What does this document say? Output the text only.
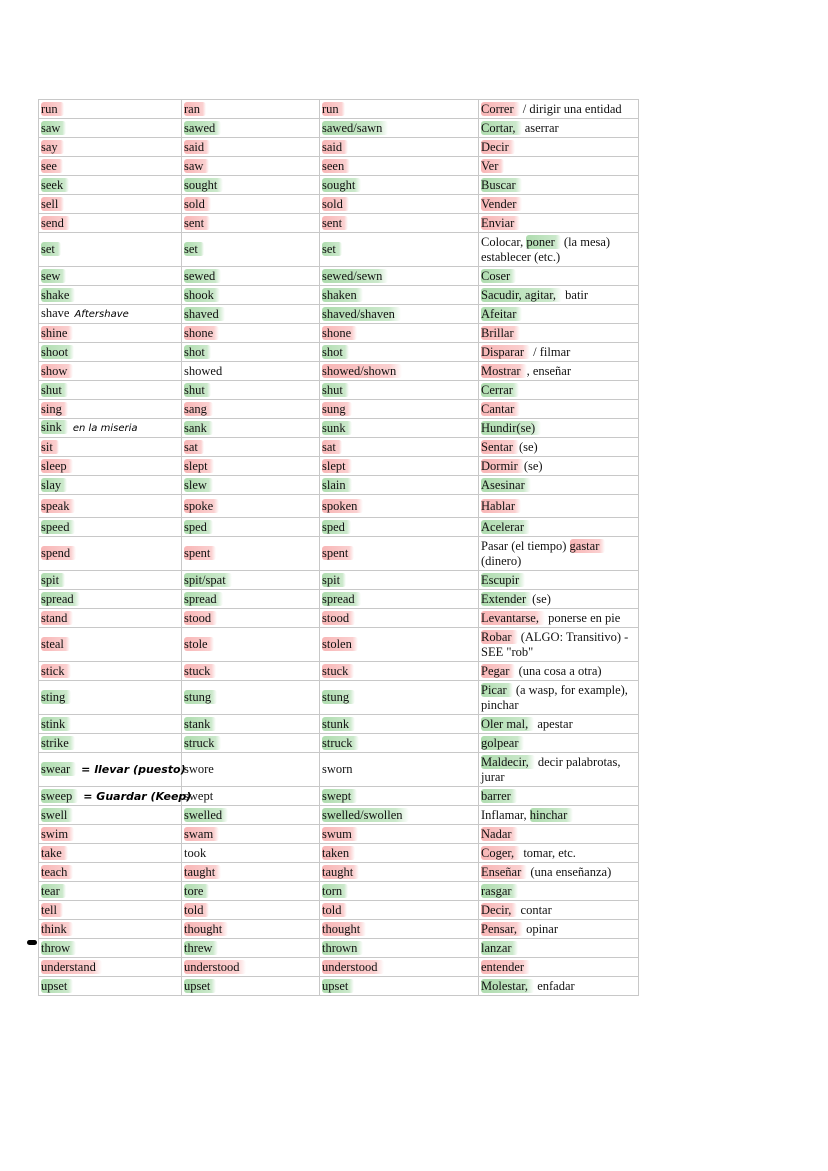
run	ran	run	Correr / dirigir una entidad
saw	sawed	sawed/sawn	Cortar, aserrar
say	said	said	Decir
see	saw	seen	Ver
seek	sought	sought	Buscar
sell	sold	sold	Vender
send	sent	sent	Enviar
set	set	set	Colocar, poner (la mesa) establecer (etc.)
sew	sewed	sewed/sewn	Coser
shake	shook	shaken	Sacudir, agitar, batir
shave Aftershave	shaved	shaved/shaven	Afeitar
shine	shone	shone	Brillar
shoot	shot	shot	Disparar / filmar
show	showed	showed/shown	Mostrar , enseñar
shut	shut	shut	Cerrar
sing	sang	sung	Cantar
sink en la miseria	sank	sunk	Hundir(se)
sit	sat	sat	Sentar (se)
sleep	slept	slept	Dormir (se)
slay	slew	slain	Asesinar
speak	spoke	spoken	Hablar
speed	sped	sped	Acelerar
spend	spent	spent	Pasar (el tiempo) gastar (dinero)
spit	spit/spat	spit	Escupir
spread	spread	spread	Extender (se)
stand	stood	stood	Levantarse, ponerse en pie
steal	stole	stolen	Robar (ALGO: Transitivo) - SEE "rob"
stick	stuck	stuck	Pegar (una cosa a otra)
sting	stung	stung	Picar (a wasp, for example), pinchar
stink	stank	stunk	Oler mal, apestar
strike	struck	struck	golpear
swear = llevar (puesto)	swore	sworn	Maldecir, decir palabrotas, jurar
sweep = Guardar (Keep)	swept	swept	barrer
swell	swelled	swelled/swollen	Inflamar, hinchar
swim	swam	swum	Nadar
take	took	taken	Coger, tomar, etc.
teach	taught	taught	Enseñar (una enseñanza)
tear	tore	torn	rasgar
tell	told	told	Decir, contar
think	thought	thought	Pensar, opinar
throw	threw	thrown	lanzar
understand	understood	understood	entender
upset	upset	upset	Molestar, enfadar
